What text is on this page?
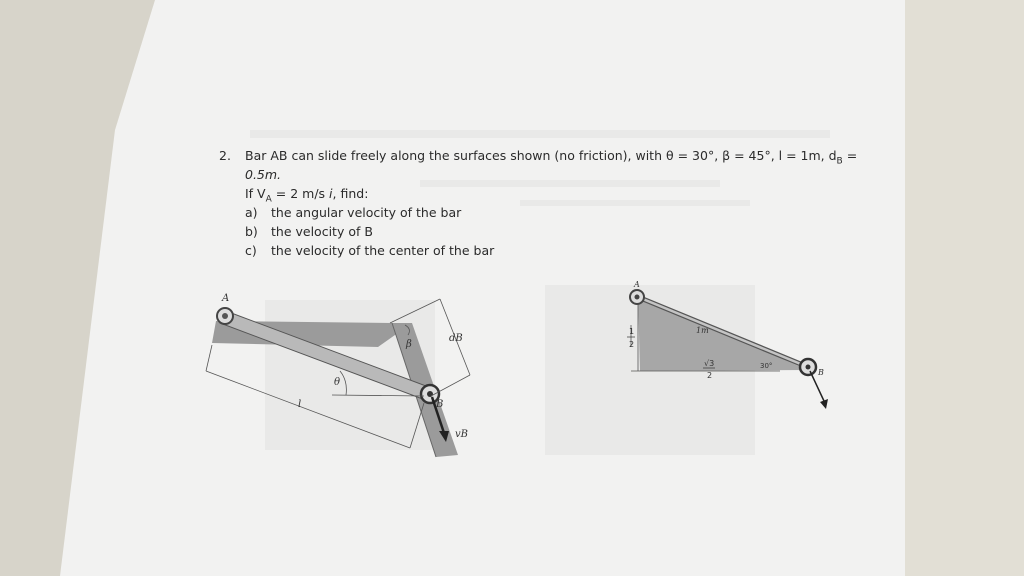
2. Bar AB can slide freely along the surfaces shown (no friction), with θ = 30°, β = 45°, l = 1m, $d_B$ =
0.5m.
If $V_A = 2$ m/s i, find:
a) the angular velocity of the bar
b) the velocity of B
c) the velocity of the center of the bar
A
B
β
θ
dB
l
vB
A
B
1m
30°
1
2
√3
2
